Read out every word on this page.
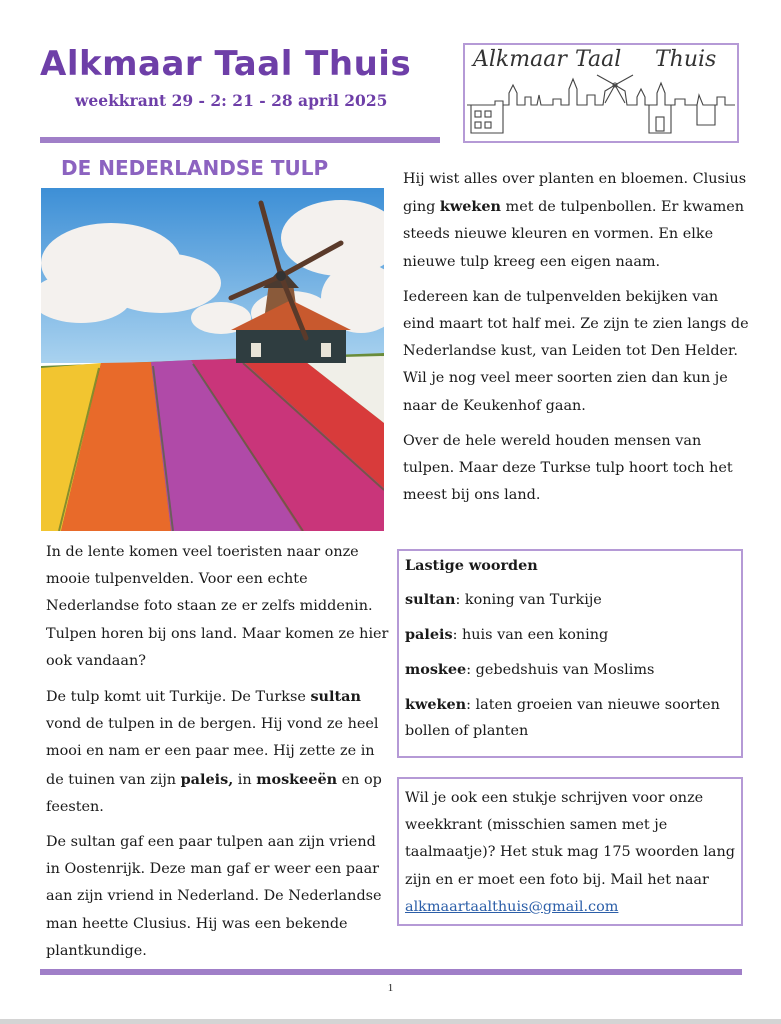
Alkmaar Taal Thuis
weekkrant 29 - 2: 21 - 28 april 2025
Alkmaar Taal Thuis
DE NEDERLANDSE TULP

In de lente komen veel toeristen naar onze mooie tulpenvelden. Voor een echte Nederlandse foto staan ze er zelfs middenin. Tulpen horen bij ons land. Maar komen ze hier ook vandaan?

De tulp komt uit Turkije. De Turkse sultan vond de tulpen in de bergen. Hij vond ze heel mooi en nam er een paar mee. Hij zette ze in de tuinen van zijn paleis, in moskeeën en op feesten.

De sultan gaf een paar tulpen aan zijn vriend in Oostenrijk. Deze man gaf er weer een paar aan zijn vriend in Nederland. De Nederlandse man heette Clusius. Hij was een bekende plantkundige.

Hij wist alles over planten en bloemen. Clusius ging kweken met de tulpenbollen. Er kwamen steeds nieuwe kleuren en vormen. En elke nieuwe tulp kreeg een eigen naam.

Iedereen kan de tulpenvelden bekijken van eind maart tot half mei. Ze zijn te zien langs de Nederlandse kust, van Leiden tot Den Helder. Wil je nog veel meer soorten zien dan kun je naar de Keukenhof gaan.

Over de hele wereld houden mensen van tulpen. Maar deze Turkse tulp hoort toch het meest bij ons land.

Lastige woorden
sultan: koning van Turkije
paleis: huis van een koning
moskee: gebedshuis van Moslims
kweken: laten groeien van nieuwe soorten bollen of planten
Wil je ook een stukje schrijven voor onze weekkrant (misschien samen met je taalmaatje)? Het stuk mag 175 woorden lang zijn en er moet een foto bij. Mail het naar alkmaartaalthuis@gmail.com
1
